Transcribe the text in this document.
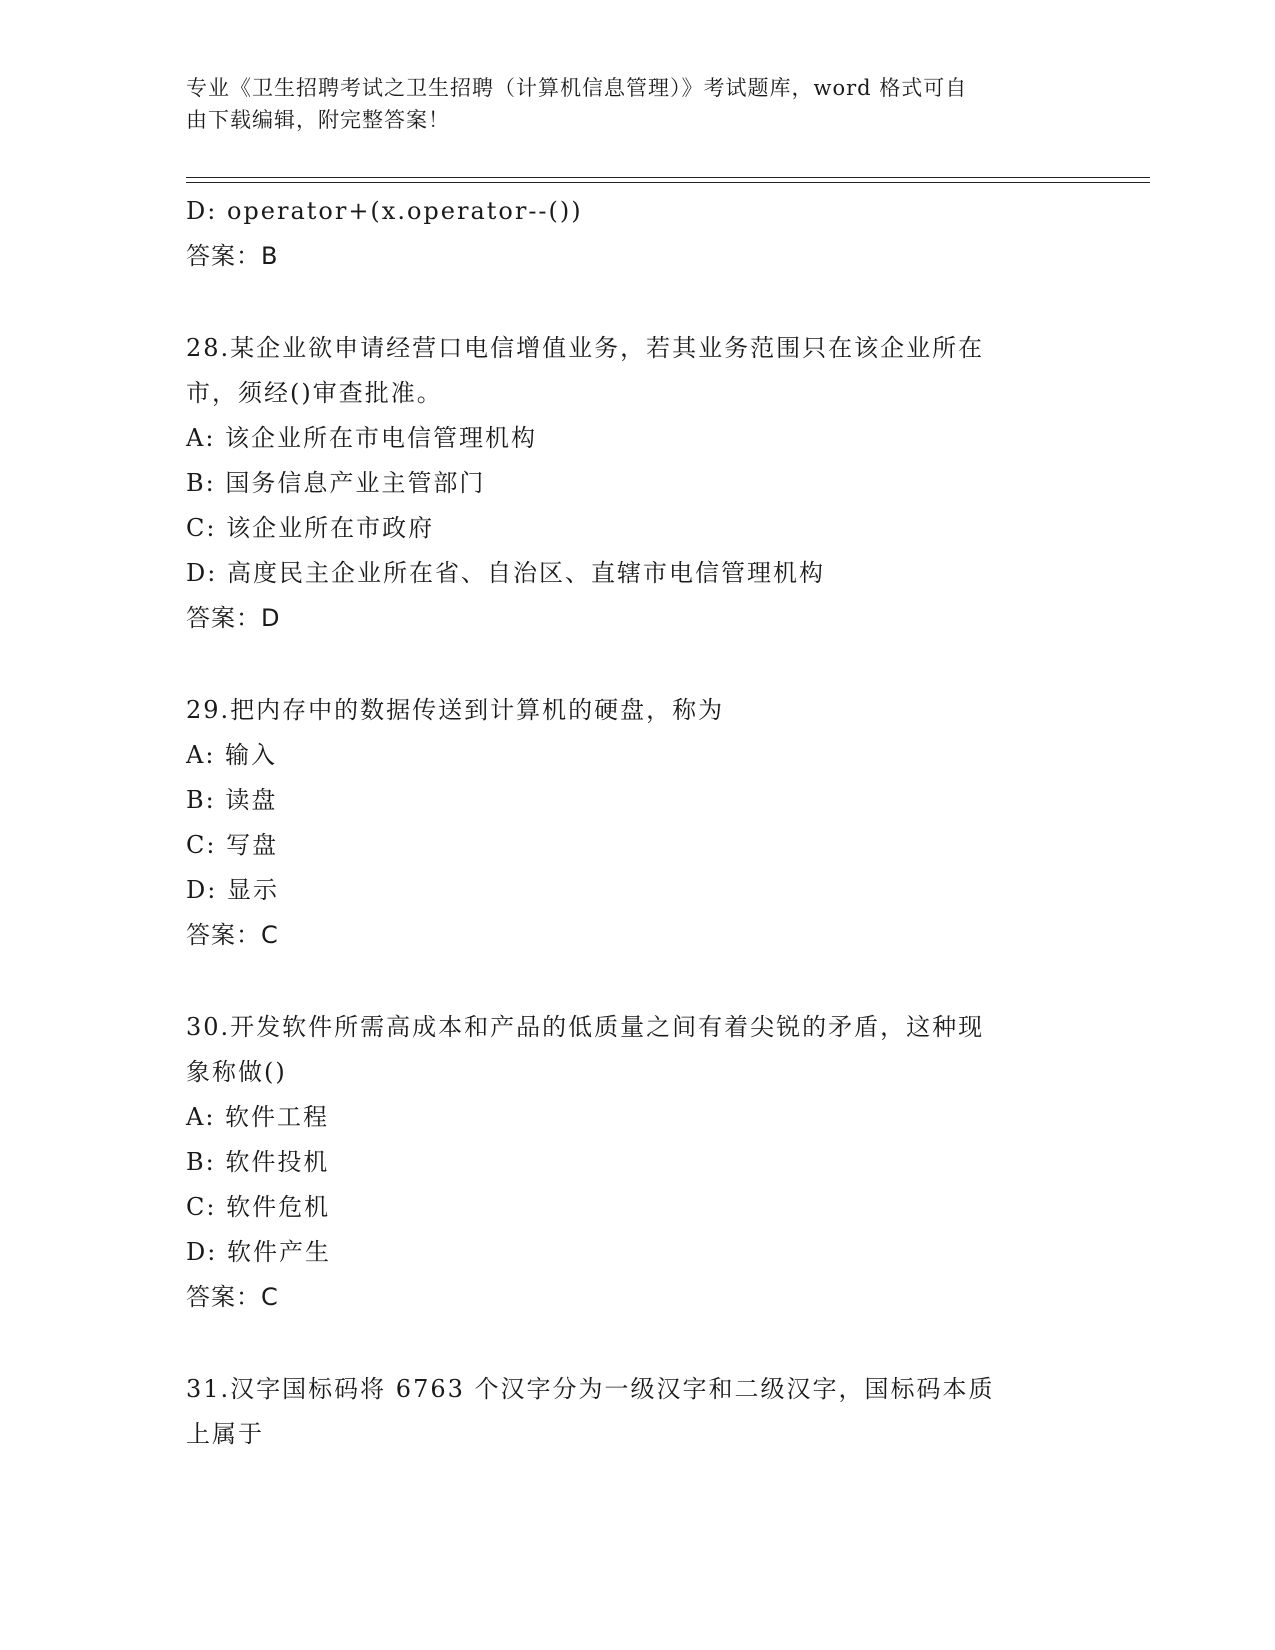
专业《卫生招聘考试之卫生招聘（计算机信息管理）》考试题库，word 格式可自
由下载编辑，附完整答案！
D: operator+(x.operator--())
答案：B
28.某企业欲申请经营口电信增值业务，若其业务范围只在该企业所在
市，须经()审查批准。
A: 该企业所在市电信管理机构
B: 国务信息产业主管部门
C: 该企业所在市政府
D: 高度民主企业所在省、自治区、直辖市电信管理机构
答案：D
29.把内存中的数据传送到计算机的硬盘，称为
A: 输入
B: 读盘
C: 写盘
D: 显示
答案：C
30.开发软件所需高成本和产品的低质量之间有着尖锐的矛盾，这种现
象称做()
A: 软件工程
B: 软件投机
C: 软件危机
D: 软件产生
答案：C
31.汉字国标码将 6763 个汉字分为一级汉字和二级汉字，国标码本质
上属于
